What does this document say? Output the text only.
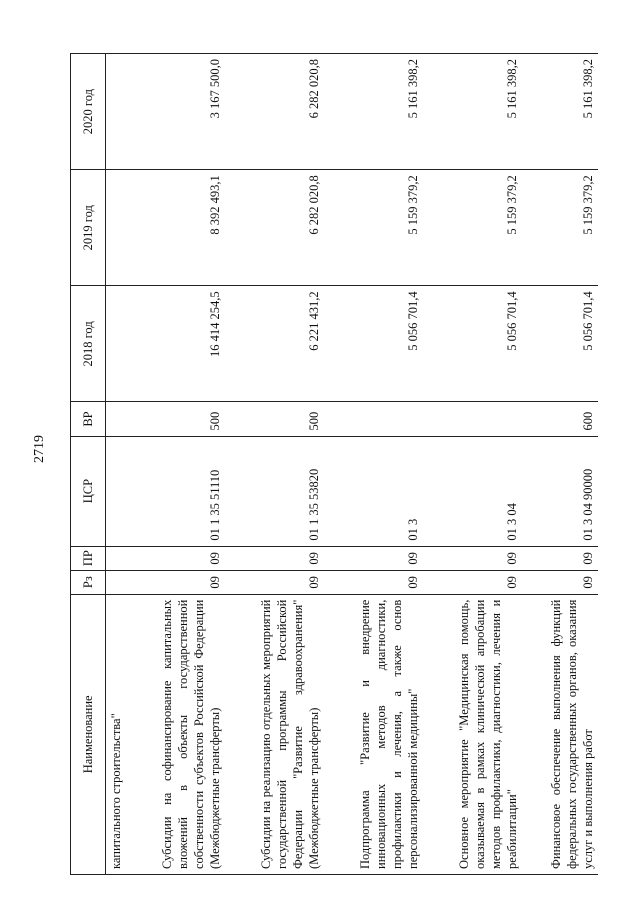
2719
Наименование	Рз	ПР	ЦСР	ВР	2018 год	2019 год	2020 год
капитального строительства"							
Субсидии на софинансирование капитальных вложений в объекты государственной собственности субъектов Российской Федерации (Межбюджетные трансферты)	09	09	01 1 35 51110	500	16 414 254,5	8 392 493,1	3 167 500,0
Субсидии на реализацию отдельных мероприятий государственной программы Российской Федерации "Развитие здравоохранения" (Межбюджетные трансферты)	09	09	01 1 35 53820	500	6 221 431,2	6 282 020,8	6 282 020,8
Подпрограмма "Развитие и внедрение инновационных методов диагностики, профилактики и лечения, а также основ персонализированной медицины"	09	09	01 3		5 056 701,4	5 159 379,2	5 161 398,2
Основное мероприятие "Медицинская помощь, оказываемая в рамках клинической апробации методов профилактики, диагностики, лечения и реабилитации"	09	09	01 3 04		5 056 701,4	5 159 379,2	5 161 398,2
Финансовое обеспечение выполнения функций федеральных государственных органов, оказания услуг и выполнения работ	09	09	01 3 04 90000	600	5 056 701,4	5 159 379,2	5 161 398,2
